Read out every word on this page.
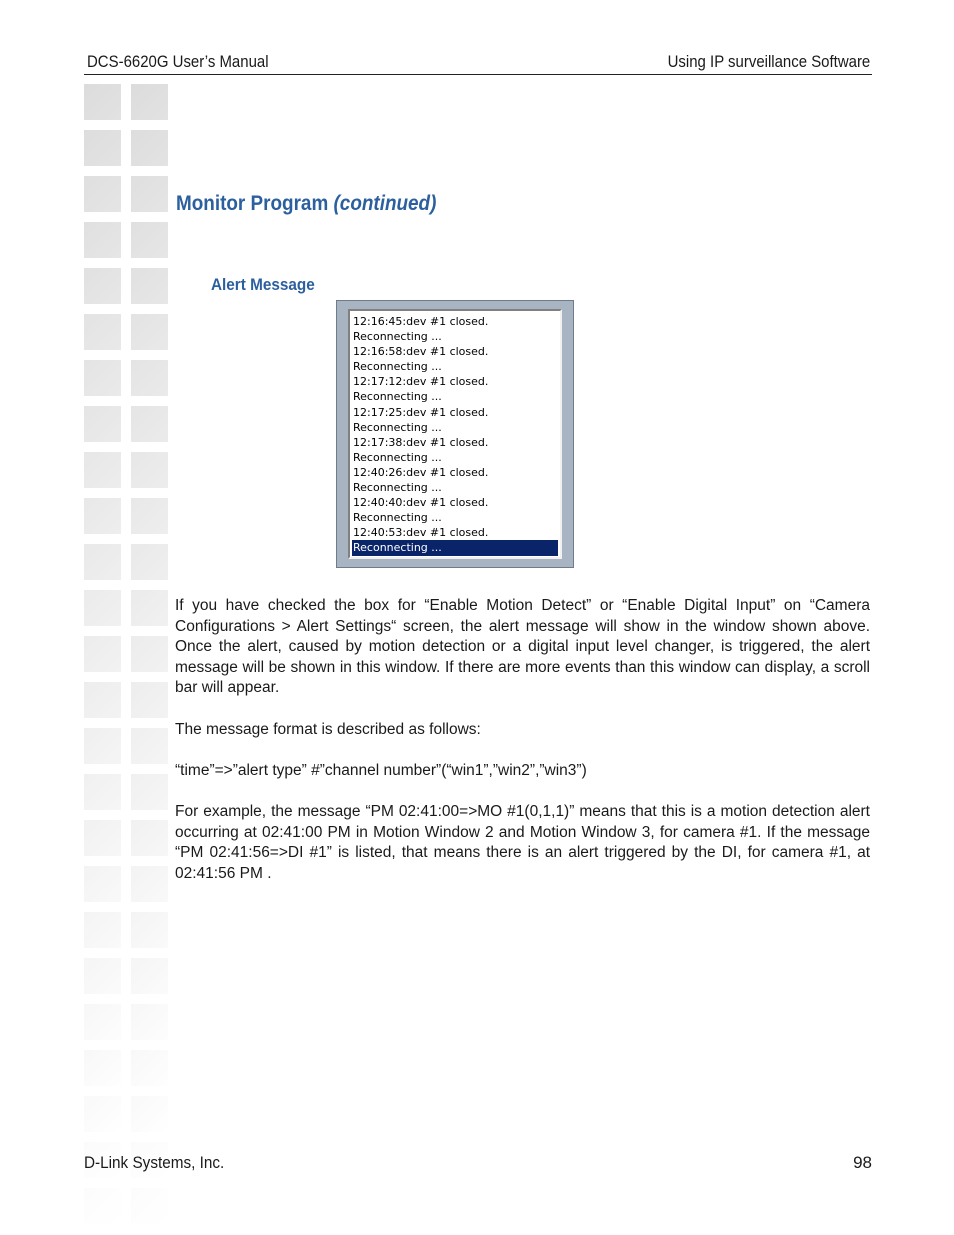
DCS-6620G User’s Manual	Using IP surveillance Software
Monitor Program (continued)
Alert Message
12:16:45:dev #1 closed.
Reconnecting ...
12:16:58:dev #1 closed.
Reconnecting ...
12:17:12:dev #1 closed.
Reconnecting ...
12:17:25:dev #1 closed.
Reconnecting ...
12:17:38:dev #1 closed.
Reconnecting ...
12:40:26:dev #1 closed.
Reconnecting ...
12:40:40:dev #1 closed.
Reconnecting ...
12:40:53:dev #1 closed.
Reconnecting ...

If you have checked the box for “Enable Motion Detect” or “Enable Digital Input” on “Camera Configurations > Alert Settings“ screen, the alert message will show in the window shown above. Once the alert, caused by motion detection or a digital input level changer, is triggered, the alert message will be shown in this window. If there are more events than this window can display, a scroll bar will appear.

The message format is described as follows:

“time”=>”alert type” #”channel number”(“win1”,”win2”,”win3”)

For example, the message “PM 02:41:00=>MO #1(0,1,1)” means that this is a motion detection alert occurring at 02:41:00 PM in Motion Window 2 and Motion Window 3, for camera #1. If the message “PM 02:41:56=>DI #1” is listed, that means there is an alert triggered by the DI, for camera #1, at 02:41:56 PM .

D-Link Systems, Inc.	98
